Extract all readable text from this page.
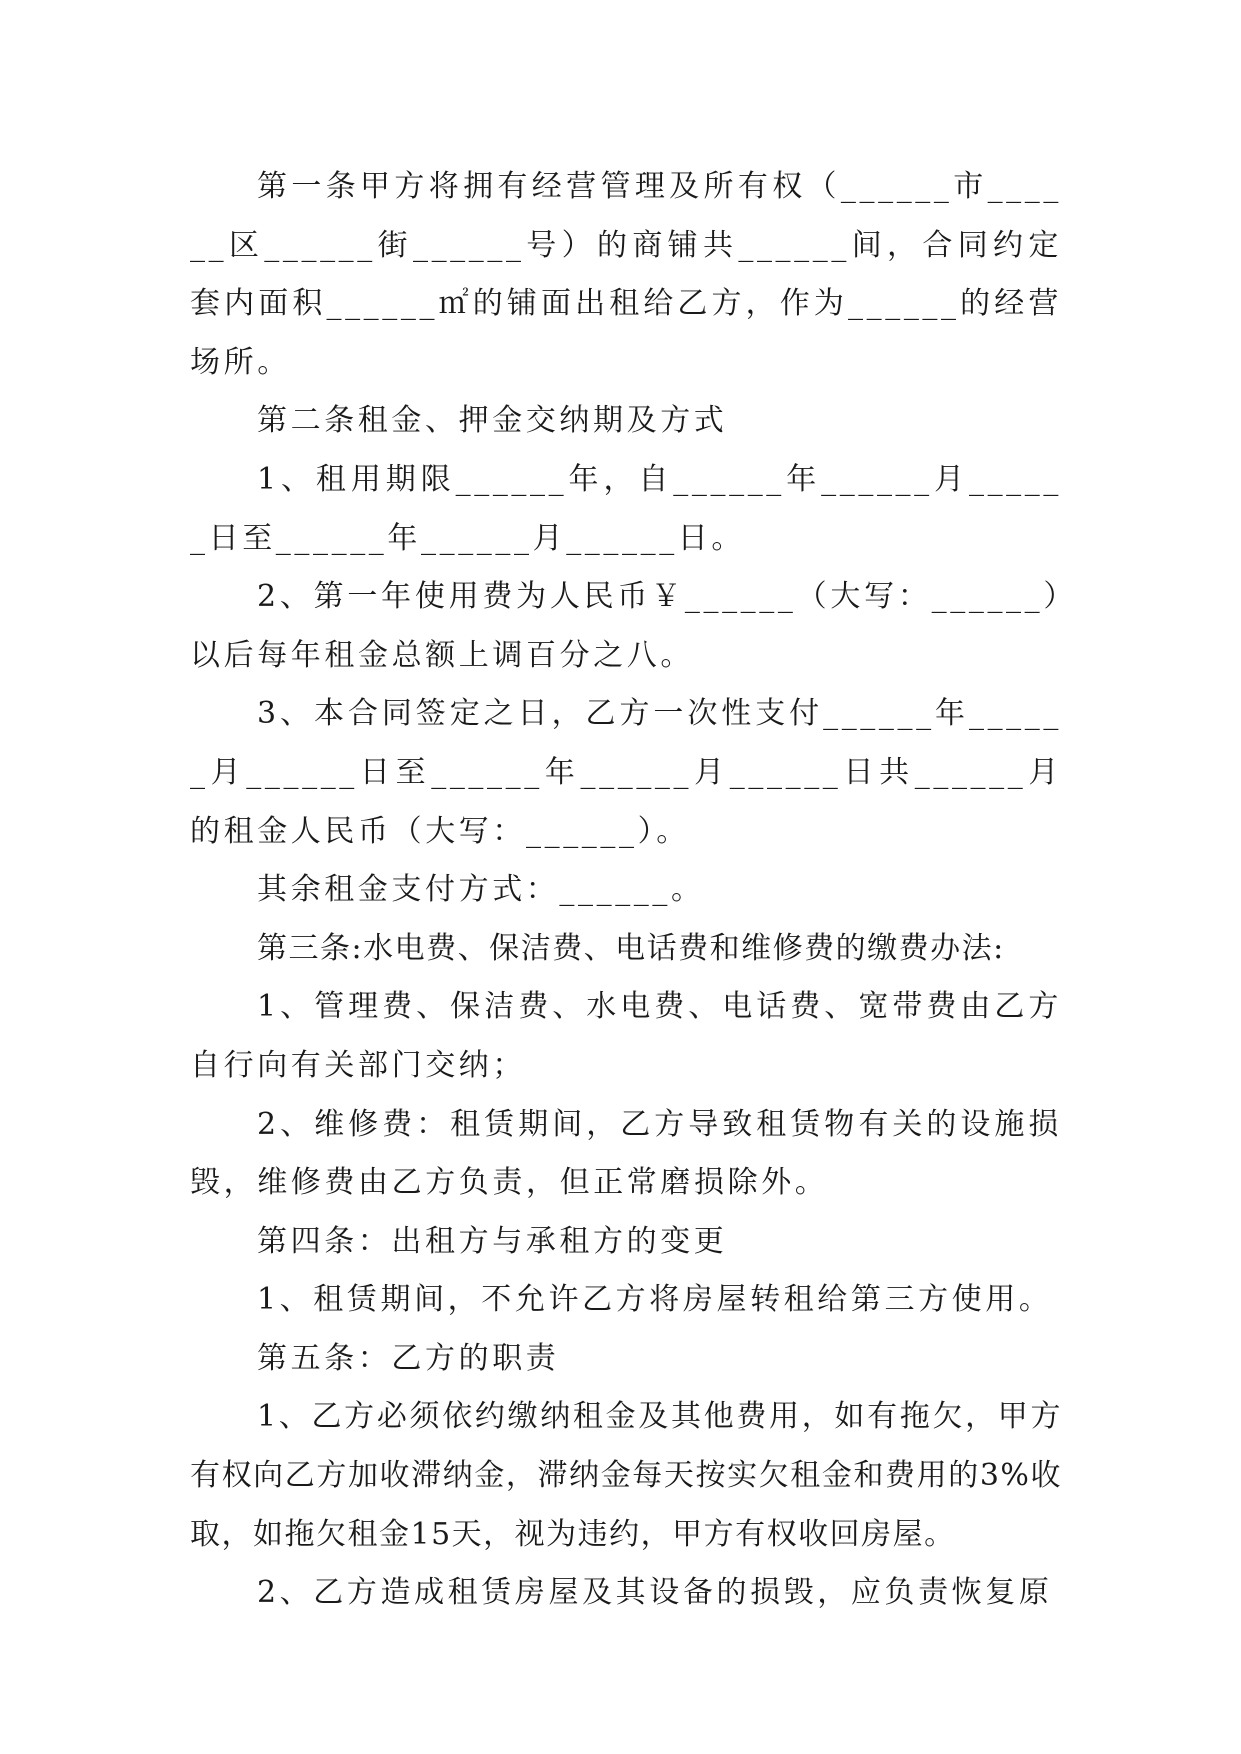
第一条甲方将拥有经营管理及所有权（______市______区______街______号）的商铺共______间，合同约定套内面积______㎡的铺面出租给乙方，作为______的经营场所。

第二条租金、押金交纳期及方式

1、租用期限______年，自______年______月______日至______年______月______日。

2、第一年使用费为人民币￥______（大写：______）以后每年租金总额上调百分之八。

3、本合同签定之日，乙方一次性支付______年______月______日至______年______月______日共______月的租金人民币（大写：______）。

其余租金支付方式：______。

第三条:水电费、保洁费、电话费和维修费的缴费办法:

1、管理费、保洁费、水电费、电话费、宽带费由乙方自行向有关部门交纳；

2、维修费：租赁期间，乙方导致租赁物有关的设施损毁，维修费由乙方负责，但正常磨损除外。

第四条：出租方与承租方的变更

1、租赁期间，不允许乙方将房屋转租给第三方使用。

第五条：乙方的职责

1、乙方必须依约缴纳租金及其他费用，如有拖欠，甲方有权向乙方加收滞纳金，滞纳金每天按实欠租金和费用的3%收取，如拖欠租金15天，视为违约，甲方有权收回房屋。

2、乙方造成租赁房屋及其设备的损毁，应负责恢复原
